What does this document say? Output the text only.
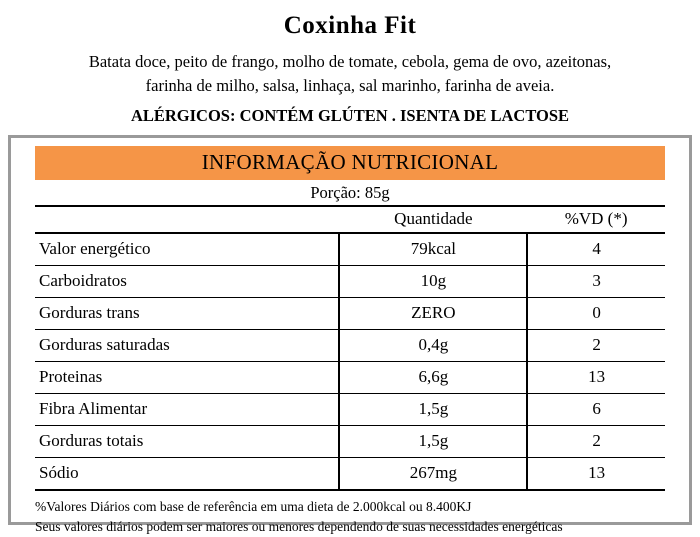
Coxinha Fit
Batata doce, peito de frango, molho de tomate, cebola, gema de ovo, azeitonas, farinha de milho, salsa, linhaça, sal marinho, farinha de aveia.
ALÉRGICOS: CONTÉM GLÚTEN . ISENTA DE LACTOSE
INFORMAÇÃO NUTRICIONAL
Porção: 85g
	Quantidade	%VD (*)
Valor energético	79kcal	4
Carboidratos	10g	3
Gorduras trans	ZERO	0
Gorduras saturadas	0,4g	2
Proteinas	6,6g	13
Fibra Alimentar	1,5g	6
Gorduras totais	1,5g	2
Sódio	267mg	13
%Valores Diários com base de referência em uma dieta de 2.000kcal ou 8.400KJ
Seus valores diários podem ser maiores ou menores dependendo de suas necessidades energéticas
